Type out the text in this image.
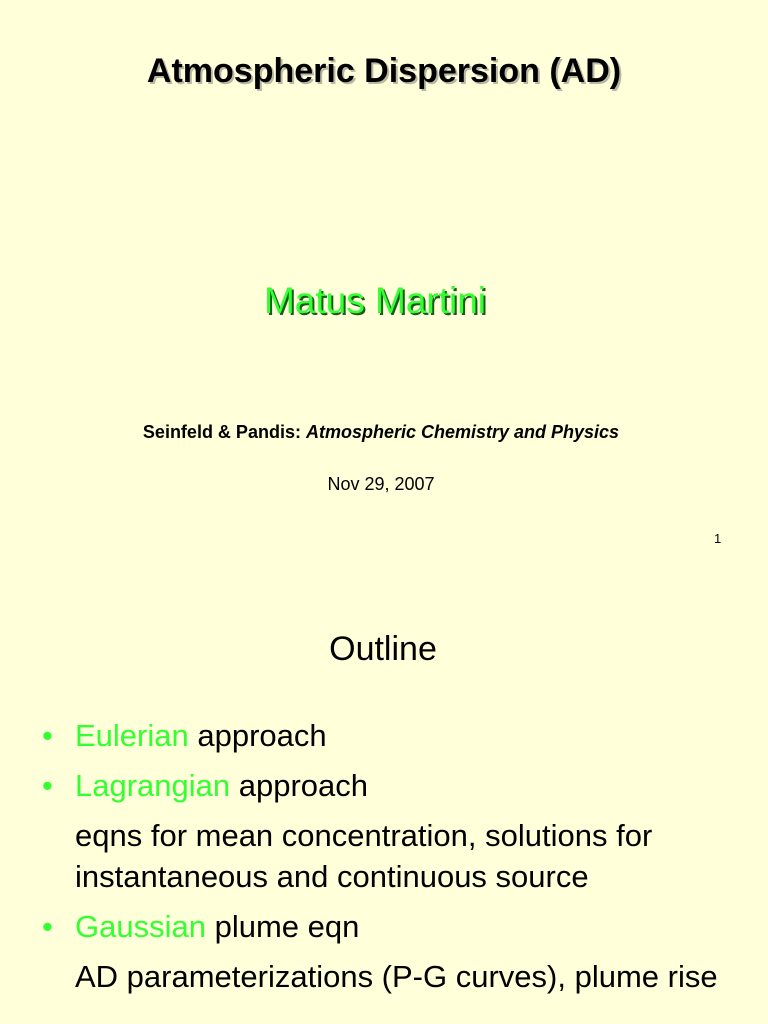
Atmospheric Dispersion (AD)
Matus Martini
Seinfeld & Pandis: Atmospheric Chemistry and Physics
Nov 29, 2007
1
Outline
• Eulerian approach
• Lagrangian approach
eqns for mean concentration, solutions for instantaneous and continuous source
• Gaussian plume eqn
AD parameterizations (P-G curves), plume rise
